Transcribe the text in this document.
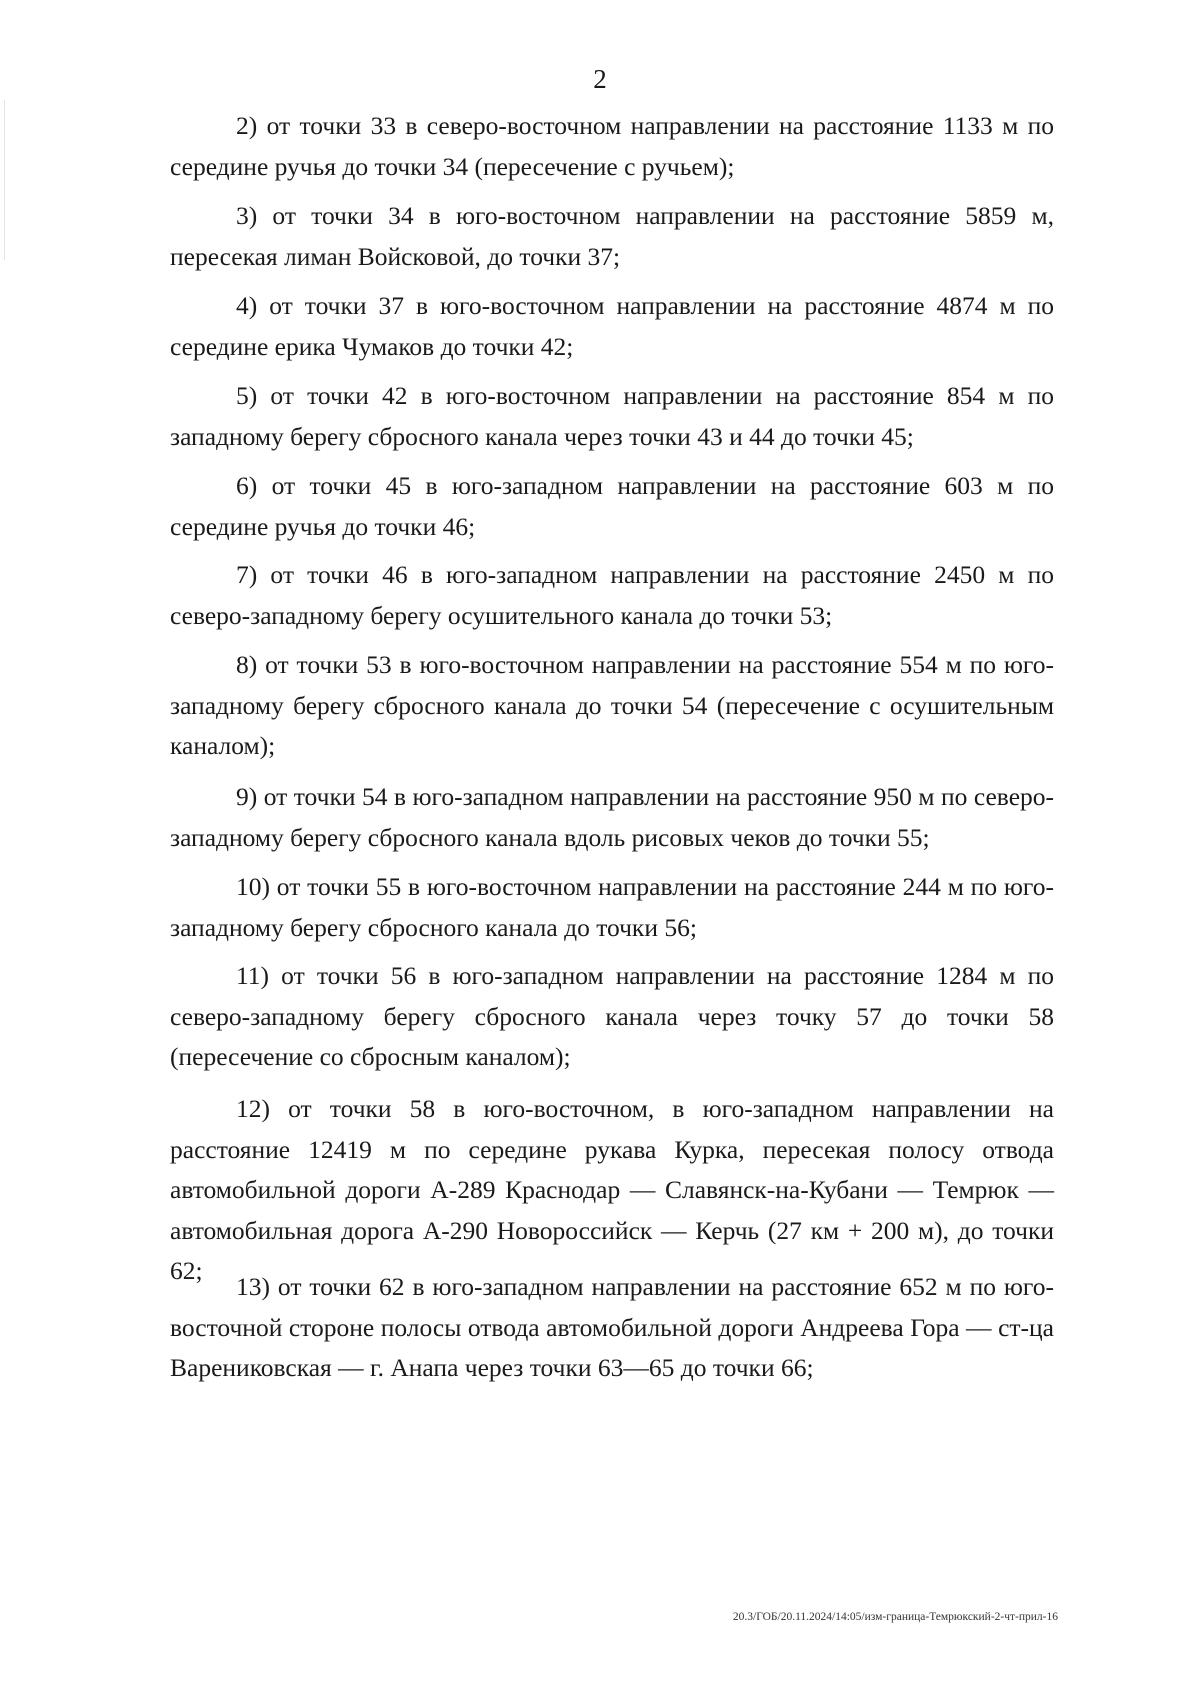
2

2) от точки 33 в северо-восточном направлении на расстояние 1133 м по середине ручья до точки 34 (пересечение с ручьем);

3) от точки 34 в юго-восточном направлении на расстояние 5859 м, пересекая лиман Войсковой, до точки 37;

4) от точки 37 в юго-восточном направлении на расстояние 4874 м по середине ерика Чумаков до точки 42;

5) от точки 42 в юго-восточном направлении на расстояние 854 м по западному берегу сбросного канала через точки 43 и 44 до точки 45;

6) от точки 45 в юго-западном направлении на расстояние 603 м по середине ручья до точки 46;

7) от точки 46 в юго-западном направлении на расстояние 2450 м по северо-западному берегу осушительного канала до точки 53;

8) от точки 53 в юго-восточном направлении на расстояние 554 м по юго-западному берегу сбросного канала до точки 54 (пересечение с осушительным каналом);

9) от точки 54 в юго-западном направлении на расстояние 950 м по северо-западному берегу сбросного канала вдоль рисовых чеков до точки 55;

10) от точки 55 в юго-восточном направлении на расстояние 244 м по юго-западному берегу сбросного канала до точки 56;

11) от точки 56 в юго-западном направлении на расстояние 1284 м по северо-западному берегу сбросного канала через точку 57 до точки 58 (пересечение со сбросным каналом);

12) от точки 58 в юго-восточном, в юго-западном направлении на расстояние 12419 м по середине рукава Курка, пересекая полосу отвода автомобильной дороги А-289 Краснодар — Славянск-на-Кубани — Темрюк — автомобильная дорога А-290 Новороссийск — Керчь (27 км + 200 м), до точки 62;

13) от точки 62 в юго-западном направлении на расстояние 652 м по юго-восточной стороне полосы отвода автомобильной дороги Андреева Гора — ст-ца Варениковская — г. Анапа через точки 63—65 до точки 66;

20.3/ГОБ/20.11.2024/14:05/изм-граница-Темрюкский-2-чт-прил-16
